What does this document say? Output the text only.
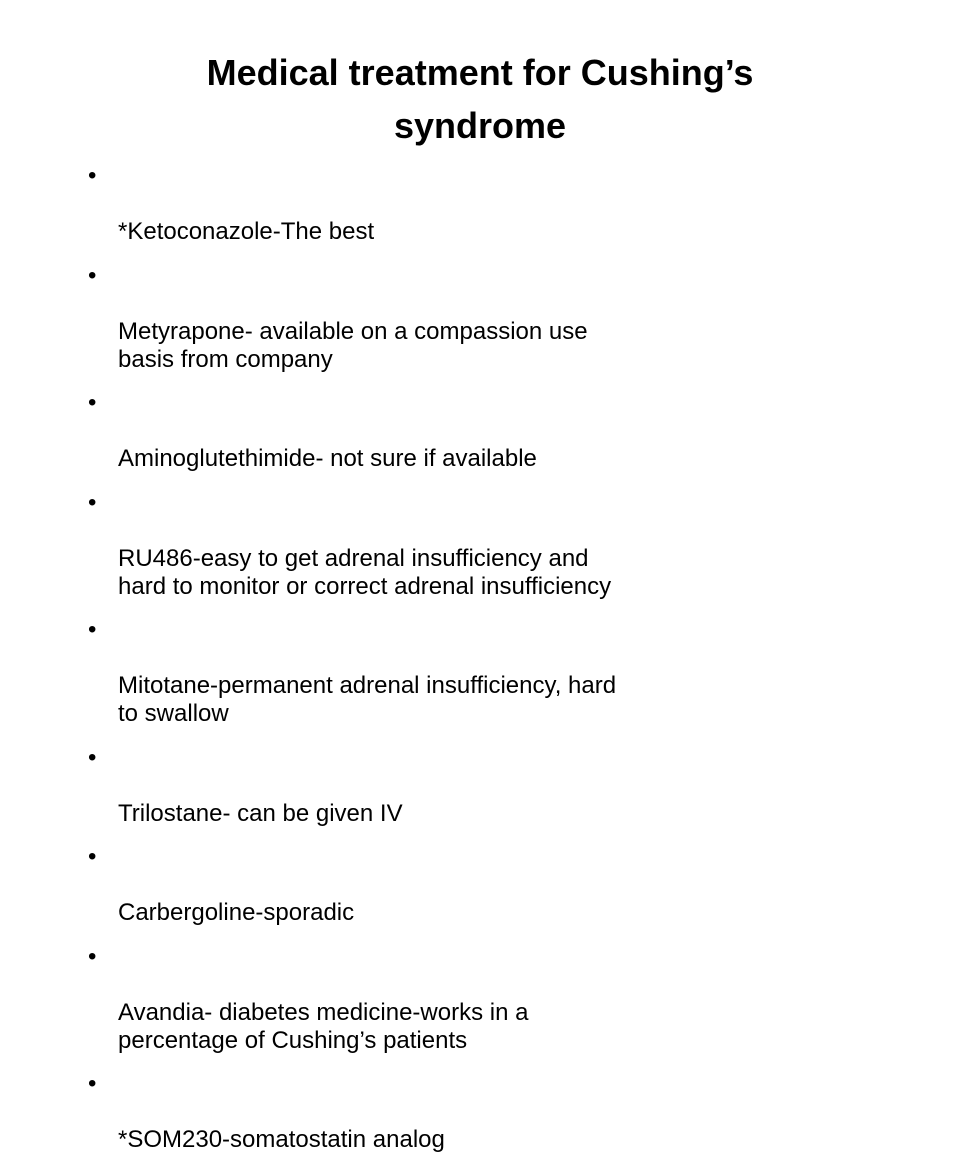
Medical treatment for Cushing’s
syndrome

•

*Ketoconazole-The best

•

Metyrapone- available on a compassion use
basis from company

•

Aminoglutethimide- not sure if available

•

RU486-easy to get adrenal insufficiency and
hard to monitor or correct adrenal insufficiency

•

Mitotane-permanent adrenal insufficiency, hard
to swallow

•

Trilostane- can be given IV

•

Carbergoline-sporadic

•

Avandia- diabetes medicine-works in a
percentage of Cushing’s patients

•

*SOM230-somatostatin analog
